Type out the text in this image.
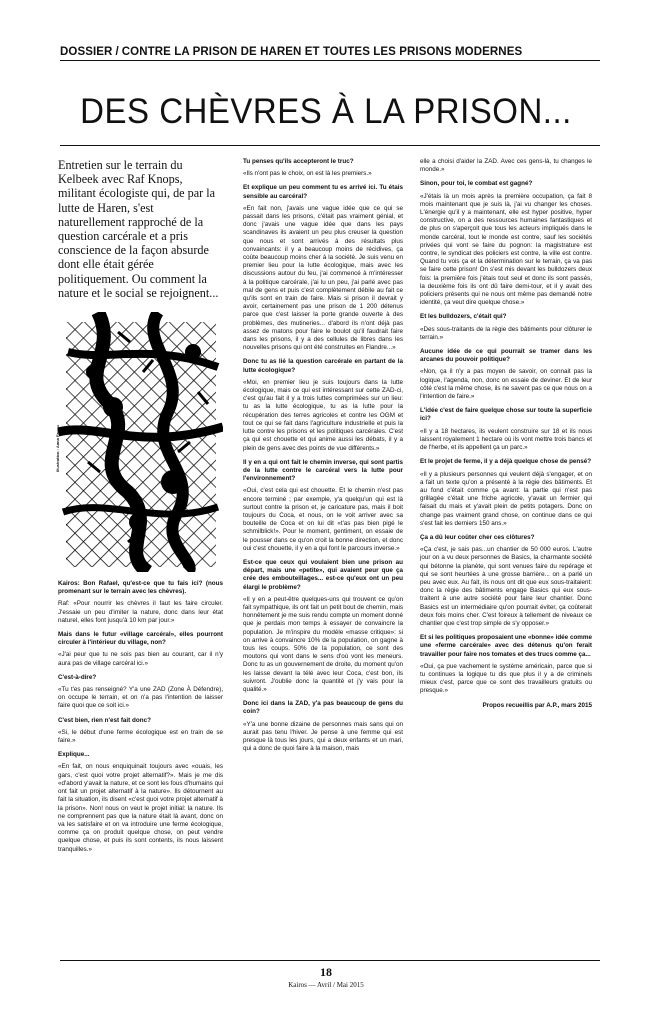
DOSSIER / CONTRE LA PRISON DE HAREN ET TOUTES LES PRISONS MODERNES
DES CHÈVRES À LA PRISON...
Entretien sur le terrain du Kelbeek avec Raf Knops, militant écologiste qui, de par la lutte de Haren, s'est naturellement rapproché de la question carcérale et a pris conscience de la façon absurde dont elle était gérée politiquement. Ou comment la nature et le social se rejoignent...
Illustration : Anna Fauqu
Kairos: Bon Rafael, qu'est-ce que tu fais ici? (nous promenant sur le terrain avec les chèvres).
Raf: «Pour nourrir les chèvres il faut les faire circuler. J'essaie un peu d'imiter la nature, donc dans leur état naturel, elles font jusqu'à 10 km par jour.»
Mais dans le futur «village carcéral», elles pourront circuler à l'intérieur du village, non?
«J'ai peur que tu ne sois pas bien au courant, car il n'y aura pas de village carcéral ici.»
C'est-à-dire?
«Tu t'es pas renseigné? Y'a une ZAD (Zone À Défendre), on occupe le terrain, et on n'a pas l'intention de laisser faire quoi que ce soit ici.»
C'est bien, rien n'est fait donc?
«Si, le début d'une ferme écologique est en train de se faire.»
Explique...
«En fait, on nous enquiquinait toujours avec «ouais, les gars, c'est quoi votre projet alternatif?». Mais je me dis «d'abord y'avait la nature, et ce sont les fous d'humains qui ont fait un projet alternatif à la nature». Ils détournent au fait la situation, ils disent «c'est quoi votre projet alternatif à la prison». Non! nous on veut le projet initial: la nature. Ils ne comprennent pas que la nature était là avant, donc on va les satisfaire et on va introduire une ferme écologique, comme ça on produit quelque chose, on peut vendre quelque chose, et puis ils sont contents, ils nous laissent tranquilles.»
Tu penses qu'ils accepteront le truc?
«Ils n'ont pas le choix, on est là les premiers.»
Et explique un peu comment tu es arrivé ici. Tu étais sensible au carcéral?
«En fait non, j'avais une vague idée que ce qui se passait dans les prisons, c'était pas vraiment génial, et donc j'avais une vague idée que dans les pays scandinaves ils avaient un peu plus creuser la question que nous et sont arrivés à des résultats plus convaincants: il y a beaucoup moins de récidives, ça coûte beaucoup moins cher à la société. Je suis venu en premier lieu pour la lutte écologique, mais avec les discussions autour du feu, j'ai commencé à m'intéresser à la politique carcérale, j'ai lu un peu, j'ai parlé avec pas mal de gens et puis c'est complètement débile au fait ce qu'ils sont en train de faire. Mais si prison il devrait y avoir, certainement pas une prison de 1 200 détenus parce que c'est laisser la porte grande ouverte à des problèmes, des mutineries... d'abord ils n'ont déjà pas assez de matons pour faire le boulot qu'il faudrait faire dans les prisons, il y a des cellules de libres dans les nouvelles prisons qui ont été construites en Flandre...»
Donc tu as lié la question carcérale en partant de la lutte écologique?
«Moi, en premier lieu je suis toujours dans la lutte écologique, mais ce qui est intéressant sur cette ZAD-ci, c'est qu'au fait il y a trois luttes comprimées sur un lieu: tu as la lutte écologique, tu as la lutte pour la récupération des terres agricoles et contre les OGM et tout ce qui se fait dans l'agriculture industrielle et puis la lutte contre les prisons et les politiques carcérales. C'est ça qui est chouette et qui anime aussi les débats, il y a plein de gens avec des points de vue différents.»
Il y en a qui ont fait le chemin inverse, qui sont partis de la lutte contre le carcéral vers la lutte pour l'environnement?
«Oui, c'est cela qui est chouette. Et le chemin n'est pas encore terminé ; par exemple, y'a quelqu'un qui est là surtout contre la prison et, je caricature pas, mais il boit toujours du Coca, et nous, on le voit arriver avec sa bouteille de Coca et on lui dit «t'as pas bien pigé le schmilblick!». Pour le moment, gentiment, on essaie de le pousser dans ce qu'on croit la bonne direction, et donc oui c'est chouette, il y en a qui font le parcours inverse.»
Est-ce que ceux qui voulaient bien une prison au départ, mais une «petite», qui avaient peur que ça crée des embouteillages... est-ce qu'eux ont un peu élargi le problème?
«Il y en a peut-être quelques-uns qui trouvent ce qu'on fait sympathique, ils ont fait un petit bout de chemin, mais honnêtement je me suis rendu compte un moment donné que je perdais mon temps à essayer de convaincre la population. Je m'inspire du modèle «masse critique»: si on arrive à convaincre 10% de la population, on gagne à tous les coups. 50% de la population, ce sont des moutons qui vont dans le sens d'où vont les meneurs. Donc tu as un gouvernement de droite, du moment qu'on les laisse devant la télé avec leur Coca, c'est bon, ils suivront. J'oublie donc la quantité et j'y vais pour la qualité.»
Donc ici dans la ZAD, y'a pas beaucoup de gens du coin?
«Y'a une bonne dizaine de personnes mais sans qui on aurait pas tenu l'hiver. Je pense à une femme qui est presque là tous les jours, qui a deux enfants et un mari, qui a donc de quoi faire à la maison, mais
elle a choisi d'aider la ZAD. Avec ces gens-là, tu changes le monde.»
Sinon, pour toi, le combat est gagné?
«J'étais là un mois après la première occupation, ça fait 8 mois maintenant que je suis là, j'ai vu changer les choses. L'énergie qu'il y a maintenant, elle est hyper positive, hyper constructive, on a des ressources humaines fantastiques et de plus on s'aperçoit que tous les acteurs impliqués dans le monde carcéral, tout le monde est contre, sauf les sociétés privées qui vont se faire du pognon: la magistrature est contre, le syndicat des policiers est contre, la ville est contre. Quand tu vois ça et la détermination sur le terrain, ça va pas se faire cette prison! On s'est mis devant les bulldozers deux fois: la première fois j'étais tout seul et donc ils sont passés, la deuxième fois ils ont dû faire demi-tour, et il y avait des policiers présents qui ne nous ont même pas demandé notre identité, ça veut dire quelque chose.»
Et les bulldozers, c'était qui?
«Des sous-traitants de la règie des bâtiments pour clôturer le terrain.»
Aucune idée de ce qui pourrait se tramer dans les arcanes du pouvoir politique?
«Non, ça il n'y a pas moyen de savoir, on connait pas la logique, l'agenda, non, donc on essaie de deviner. Et de leur côté c'est la même chose, ils ne savent pas ce que nous on a l'intention de faire.»
L'idée c'est de faire quelque chose sur toute la superficie ici?
«Il y a 18 hectares, ils veulent construire sur 18 et ils nous laissent royalement 1 hectare où ils vont mettre trois bancs et de l'herbe, et ils appellent ça un parc.»
Et le projet de ferme, il y a déjà quelque chose de pensé?
«Il y a plusieurs personnes qui veulent déjà s'engager, et on a fait un texte qu'on a présenté à la régie des bâtiments. Et au fond c'était comme ça avant: la partie qui n'est pas grillagée c'était une friche agricole, y'avait un fermier qui faisait du mais et y'avait plein de petits potagers. Donc on change pas vraiment grand chose, on continue dans ce qui s'est fait les derniers 150 ans.»
Ça a dû leur coûter cher ces clôtures?
«Ça c'est, je sais pas...un chantier de 50 000 euros. L'autre jour on a vu deux personnes de Basics, la charmante société qui bétonne la planète, qui sont venues faire du repérage et qui se sont heurtées à une grosse barrière... on a parlé un peu avec eux. Au fait, ils nous ont dit que eux sous-traitaient: donc la règie des bâtiments engage Basics qui eux sous-traitent à une autre société pour faire leur chantier. Donc Basics est un intermédiaire qu'on pourrait éviter, ça coûterait deux fois moins cher. C'est foireux à tellement de niveaux ce chantier que c'est trop simple de s'y opposer.»
Et si les politiques proposaient une «bonne» idée comme une «ferme carcérale» avec des détenus qu'on ferait travailler pour faire nos tomates et des trucs comme ça...
«Oui, ça pue vachement le système américain, parce que si tu continues la logique tu dis que plus il y a de criminels mieux c'est, parce que ce sont des travailleurs gratuits ou presque.»
Propos recueillis par A.P., mars 2015
18
Kairos — Avril / Mai 2015
